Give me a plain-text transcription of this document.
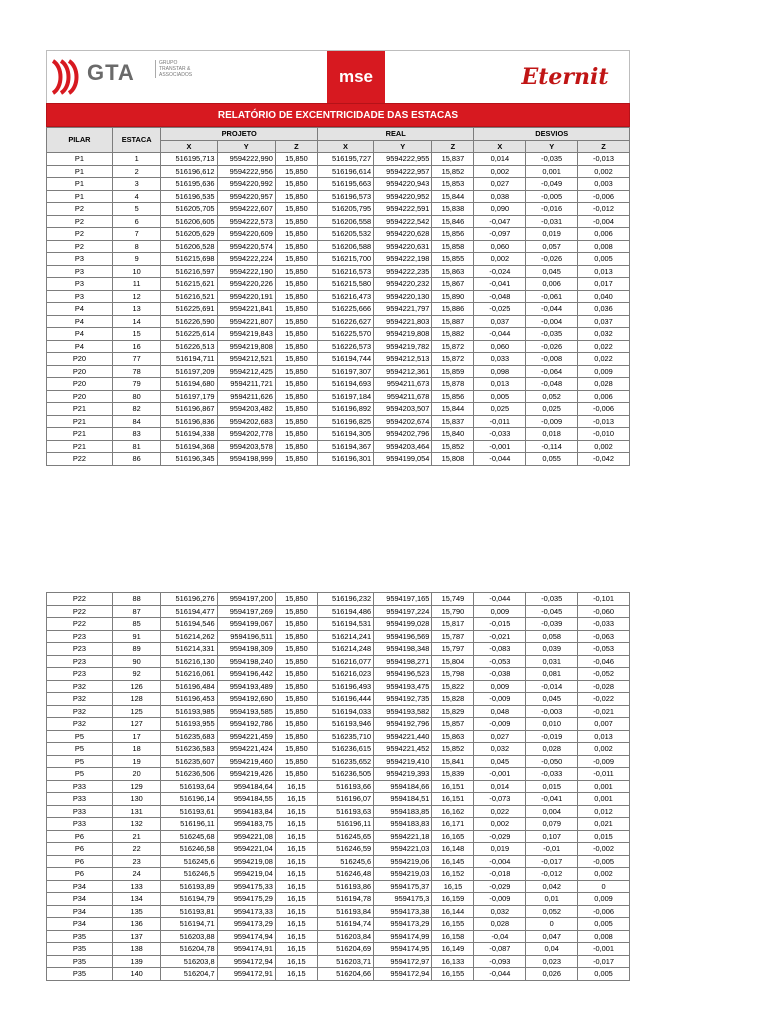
GTA	GRUPO TRANSTAR & ASSOCIADOS	mse	Eternit
RELATÓRIO DE EXCENTRICIDADE DAS ESTACAS
PILAR	ESTACA	PROJETO			REAL			DESVIOS		
		X	Y	Z	X	Y	Z	X	Y	Z
P1	1	516195,713	9594222,990	15,850	516195,727	9594222,955	15,837	0,014	-0,035	-0,013
P1	2	516196,612	9594222,956	15,850	516196,614	9594222,957	15,852	0,002	0,001	0,002
P1	3	516195,636	9594220,992	15,850	516195,663	9594220,943	15,853	0,027	-0,049	0,003
P1	4	516196,535	9594220,957	15,850	516196,573	9594220,952	15,844	0,038	-0,005	-0,006
P2	5	516205,705	9594222,607	15,850	516205,795	9594222,591	15,838	0,090	-0,016	-0,012
P2	6	516206,605	9594222,573	15,850	516206,558	9594222,542	15,846	-0,047	-0,031	-0,004
P2	7	516205,629	9594220,609	15,850	516205,532	9594220,628	15,856	-0,097	0,019	0,006
P2	8	516206,528	9594220,574	15,850	516206,588	9594220,631	15,858	0,060	0,057	0,008
P3	9	516215,698	9594222,224	15,850	516215,700	9594222,198	15,855	0,002	-0,026	0,005
P3	10	516216,597	9594222,190	15,850	516216,573	9594222,235	15,863	-0,024	0,045	0,013
P3	11	516215,621	9594220,226	15,850	516215,580	9594220,232	15,867	-0,041	0,006	0,017
P3	12	516216,521	9594220,191	15,850	516216,473	9594220,130	15,890	-0,048	-0,061	0,040
P4	13	516225,691	9594221,841	15,850	516225,666	9594221,797	15,886	-0,025	-0,044	0,036
P4	14	516226,590	9594221,807	15,850	516226,627	9594221,803	15,887	0,037	-0,004	0,037
P4	15	516225,614	9594219,843	15,850	516225,570	9594219,808	15,882	-0,044	-0,035	0,032
P4	16	516226,513	9594219,808	15,850	516226,573	9594219,782	15,872	0,060	-0,026	0,022
P20	77	516194,711	9594212,521	15,850	516194,744	9594212,513	15,872	0,033	-0,008	0,022
P20	78	516197,209	9594212,425	15,850	516197,307	9594212,361	15,859	0,098	-0,064	0,009
P20	79	516194,680	9594211,721	15,850	516194,693	9594211,673	15,878	0,013	-0,048	0,028
P20	80	516197,179	9594211,626	15,850	516197,184	9594211,678	15,856	0,005	0,052	0,006
P21	82	516196,867	9594203,482	15,850	516196,892	9594203,507	15,844	0,025	0,025	-0,006
P21	84	516196,836	9594202,683	15,850	516196,825	9594202,674	15,837	-0,011	-0,009	-0,013
P21	83	516194,338	9594202,778	15,850	516194,305	9594202,796	15,840	-0,033	0,018	-0,010
P21	81	516194,368	9594203,578	15,850	516194,367	9594203,464	15,852	-0,001	-0,114	0,002
P22	86	516196,345	9594198,999	15,850	516196,301	9594199,054	15,808	-0,044	0,055	-0,042
P22	88	516196,276	9594197,200	15,850	516196,232	9594197,165	15,749	-0,044	-0,035	-0,101
P22	87	516194,477	9594197,269	15,850	516194,486	9594197,224	15,790	0,009	-0,045	-0,060
P22	85	516194,546	9594199,067	15,850	516194,531	9594199,028	15,817	-0,015	-0,039	-0,033
P23	91	516214,262	9594196,511	15,850	516214,241	9594196,569	15,787	-0,021	0,058	-0,063
P23	89	516214,331	9594198,309	15,850	516214,248	9594198,348	15,797	-0,083	0,039	-0,053
P23	90	516216,130	9594198,240	15,850	516216,077	9594198,271	15,804	-0,053	0,031	-0,046
P23	92	516216,061	9594196,442	15,850	516216,023	9594196,523	15,798	-0,038	0,081	-0,052
P32	126	516196,484	9594193,489	15,850	516196,493	9594193,475	15,822	0,009	-0,014	-0,028
P32	128	516196,453	9594192,690	15,850	516196,444	9594192,735	15,828	-0,009	0,045	-0,022
P32	125	516193,985	9594193,585	15,850	516194,033	9594193,582	15,829	0,048	-0,003	-0,021
P32	127	516193,955	9594192,786	15,850	516193,946	9594192,796	15,857	-0,009	0,010	0,007
P5	17	516235,683	9594221,459	15,850	516235,710	9594221,440	15,863	0,027	-0,019	0,013
P5	18	516236,583	9594221,424	15,850	516236,615	9594221,452	15,852	0,032	0,028	0,002
P5	19	516235,607	9594219,460	15,850	516235,652	9594219,410	15,841	0,045	-0,050	-0,009
P5	20	516236,506	9594219,426	15,850	516236,505	9594219,393	15,839	-0,001	-0,033	-0,011
P33	129	516193,64	9594184,64	16,15	516193,66	9594184,66	16,151	0,014	0,015	0,001
P33	130	516196,14	9594184,55	16,15	516196,07	9594184,51	16,151	-0,073	-0,041	0,001
P33	131	516193,61	9594183,84	16,15	516193,63	9594183,85	16,162	0,022	0,004	0,012
P33	132	516196,11	9594183,75	16,15	516196,11	9594183,83	16,171	0,002	0,079	0,021
P6	21	516245,68	9594221,08	16,15	516245,65	9594221,18	16,165	-0,029	0,107	0,015
P6	22	516246,58	9594221,04	16,15	516246,59	9594221,03	16,148	0,019	-0,01	-0,002
P6	23	516245,6	9594219,08	16,15	516245,6	9594219,06	16,145	-0,004	-0,017	-0,005
P6	24	516246,5	9594219,04	16,15	516246,48	9594219,03	16,152	-0,018	-0,012	0,002
P34	133	516193,89	9594175,33	16,15	516193,86	9594175,37	16,15	-0,029	0,042	0
P34	134	516194,79	9594175,29	16,15	516194,78	9594175,3	16,159	-0,009	0,01	0,009
P34	135	516193,81	9594173,33	16,15	516193,84	9594173,38	16,144	0,032	0,052	-0,006
P34	136	516194,71	9594173,29	16,15	516194,74	9594173,29	16,155	0,028	0	0,005
P35	137	516203,88	9594174,94	16,15	516203,84	9594174,99	16,158	-0,04	0,047	0,008
P35	138	516204,78	9594174,91	16,15	516204,69	9594174,95	16,149	-0,087	0,04	-0,001
P35	139	516203,8	9594172,94	16,15	516203,71	9594172,97	16,133	-0,093	0,023	-0,017
P35	140	516204,7	9594172,91	16,15	516204,66	9594172,94	16,155	-0,044	0,026	0,005
